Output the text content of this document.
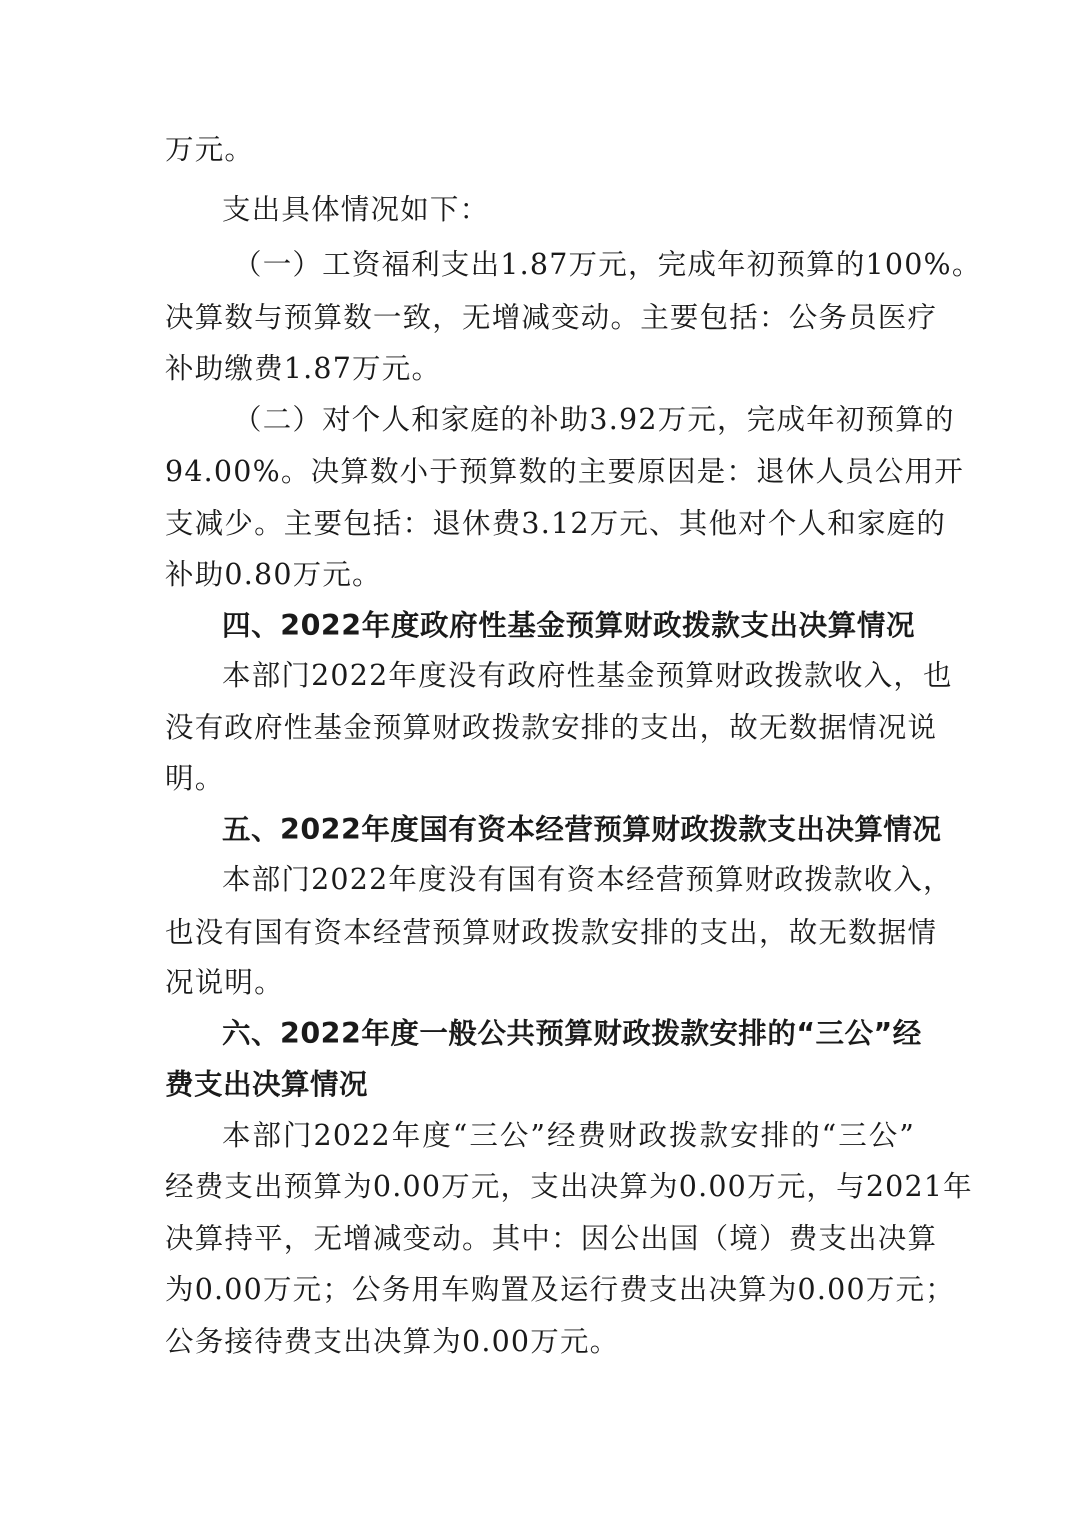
万元。
支出具体情况如下：
（一）工资福利支出1.87万元，完成年初预算的100%。
决算数与预算数一致，无增减变动。主要包括：公务员医疗
补助缴费1.87万元。
（二）对个人和家庭的补助3.92万元，完成年初预算的
94.00%。决算数小于预算数的主要原因是：退休人员公用开
支减少。主要包括：退休费3.12万元、其他对个人和家庭的
补助0.80万元。
四、2022年度政府性基金预算财政拨款支出决算情况
本部门2022年度没有政府性基金预算财政拨款收入，也
没有政府性基金预算财政拨款安排的支出，故无数据情况说
明。
五、2022年度国有资本经营预算财政拨款支出决算情况
本部门2022年度没有国有资本经营预算财政拨款收入，
也没有国有资本经营预算财政拨款安排的支出，故无数据情
况说明。
六、2022年度一般公共预算财政拨款安排的“三公”经
费支出决算情况
本部门2022年度“三公”经费财政拨款安排的“三公”
经费支出预算为0.00万元，支出决算为0.00万元，与2021年
决算持平，无增减变动。其中：因公出国（境）费支出决算
为0.00万元；公务用车购置及运行费支出决算为0.00万元；
公务接待费支出决算为0.00万元。
